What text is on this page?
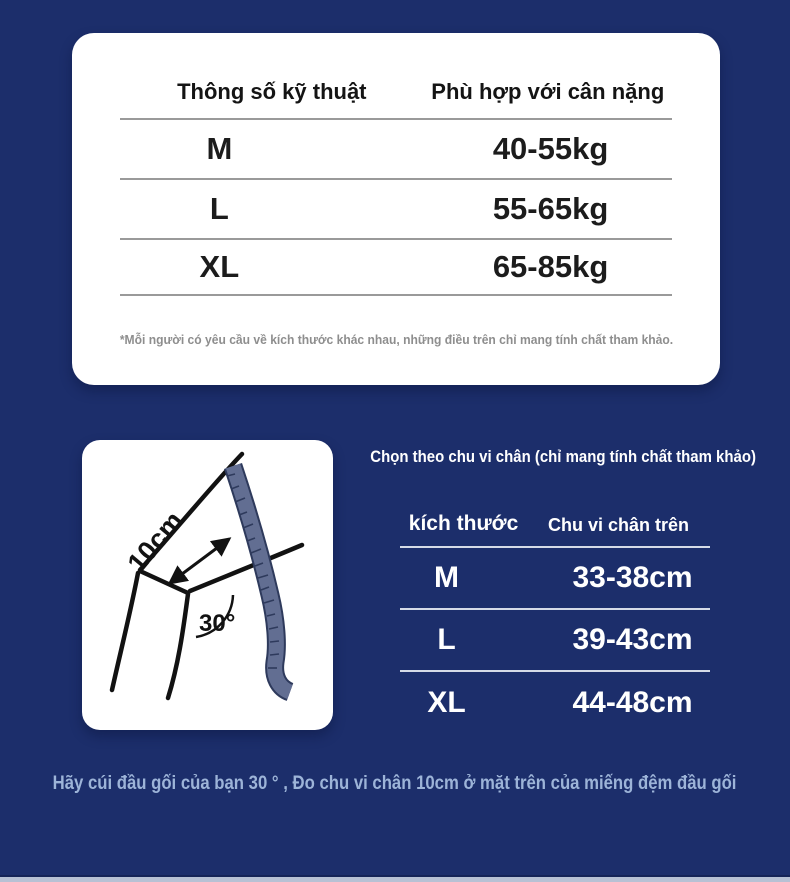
Thông số kỹ thuật	Phù hợp với cân nặng
M	40-55kg
L	55-65kg
XL	65-85kg
*Mỗi người có yêu cầu về kích thước khác nhau, những điều trên chỉ mang tính chất tham khảo.
10cm
30°
Chọn theo chu vi chân (chỉ mang tính chất tham khảo)
kích thước	Chu vi chân trên
M	33-38cm
L	39-43cm
XL	44-48cm
Hãy cúi đầu gối của bạn 30 ° , Đo chu vi chân 10cm ở mặt trên của miếng đệm đầu gối
